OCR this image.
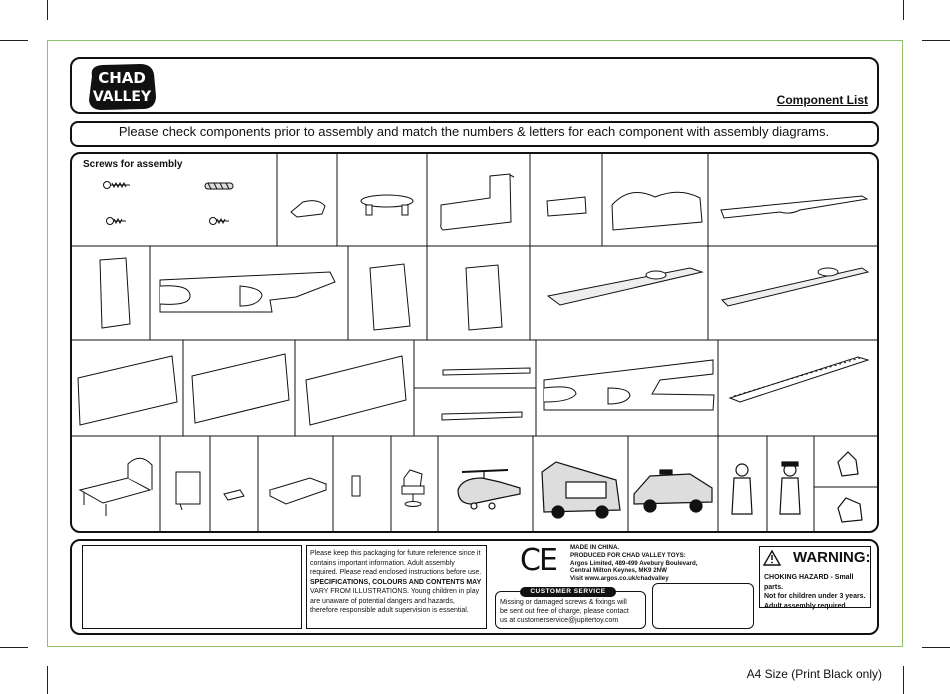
CHAD
VALLEY	Component List
Please check components prior to assembly and match the numbers & letters for each component with assembly diagrams.
Screws for assembly
Please keep this packaging for future reference since it
contains important information. Adult assembly
required. Please read enclosed instructions before use.
SPECIFICATIONS, COLOURS AND CONTENTS MAY
VARY FROM ILLUSTRATIONS. Young children in play
are unaware of potential dangers and hazards,
therefore responsible adult supervision is essential.
CE MADE IN CHINA.
PRODUCED FOR CHAD VALLEY TOYS:
Argos Limited, 489-499 Avebury Boulevard,
Central Milton Keynes, MK9 2NW
Visit www.argos.co.uk/chadvalley
CUSTOMER SERVICE
Missing or damaged screws & fixings will
be sent out free of charge, please contact
us at customerservice@jupitertoy.com
WARNING:
CHOKING HAZARD - Small parts.
Not for children under 3 years.
Adult assembly required.
A4 Size (Print Black only)
